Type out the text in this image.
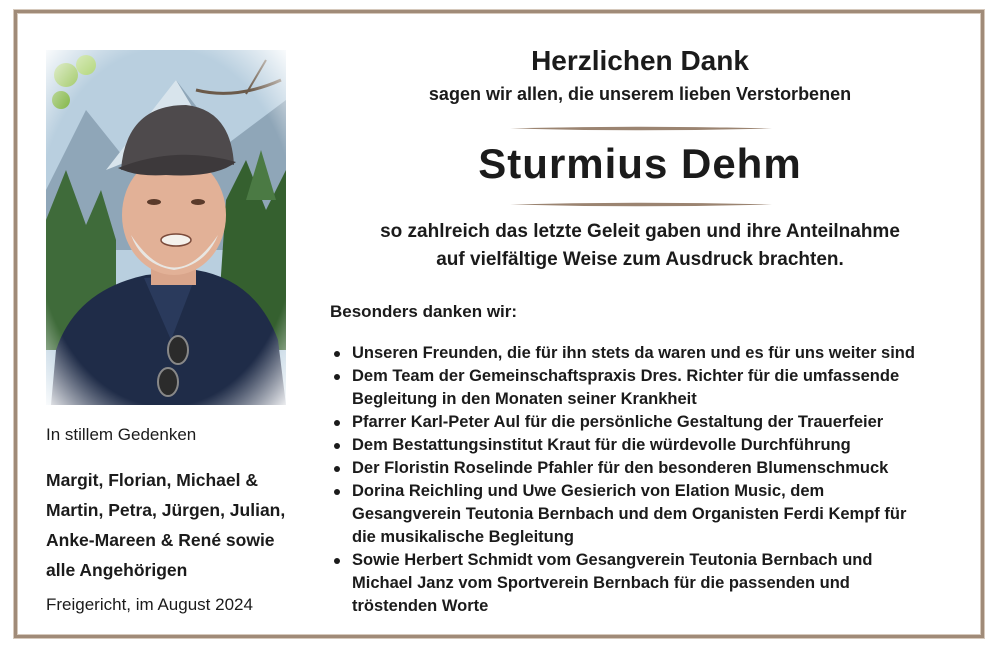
In stillem Gedenken
Margit, Florian, Michael &
Martin, Petra, Jürgen, Julian,
Anke-Mareen & René sowie
alle Angehörigen
Freigericht, im August 2024
Herzlichen Dank
sagen wir allen, die unserem lieben Verstorbenen
Sturmius Dehm
so zahlreich das letzte Geleit gaben und ihre Anteilnahme
auf vielfältige Weise zum Ausdruck brachten.
Besonders danken wir:
Unseren Freunden, die für ihn stets da waren und es für uns weiter sind
Dem Team der Gemeinschaftspraxis Dres. Richter für die umfassende
Begleitung in den Monaten seiner Krankheit
Pfarrer Karl-Peter Aul für die persönliche Gestaltung der Trauerfeier
Dem Bestattungsinstitut Kraut für die würdevolle Durchführung
Der Floristin Roselinde Pfahler für den besonderen Blumenschmuck
Dorina Reichling und Uwe Gesierich von Elation Music, dem
Gesangverein Teutonia Bernbach und dem Organisten Ferdi Kempf für
die musikalische Begleitung
Sowie Herbert Schmidt vom Gesangverein Teutonia Bernbach und
Michael Janz vom Sportverein Bernbach für die passenden und
tröstenden Worte
